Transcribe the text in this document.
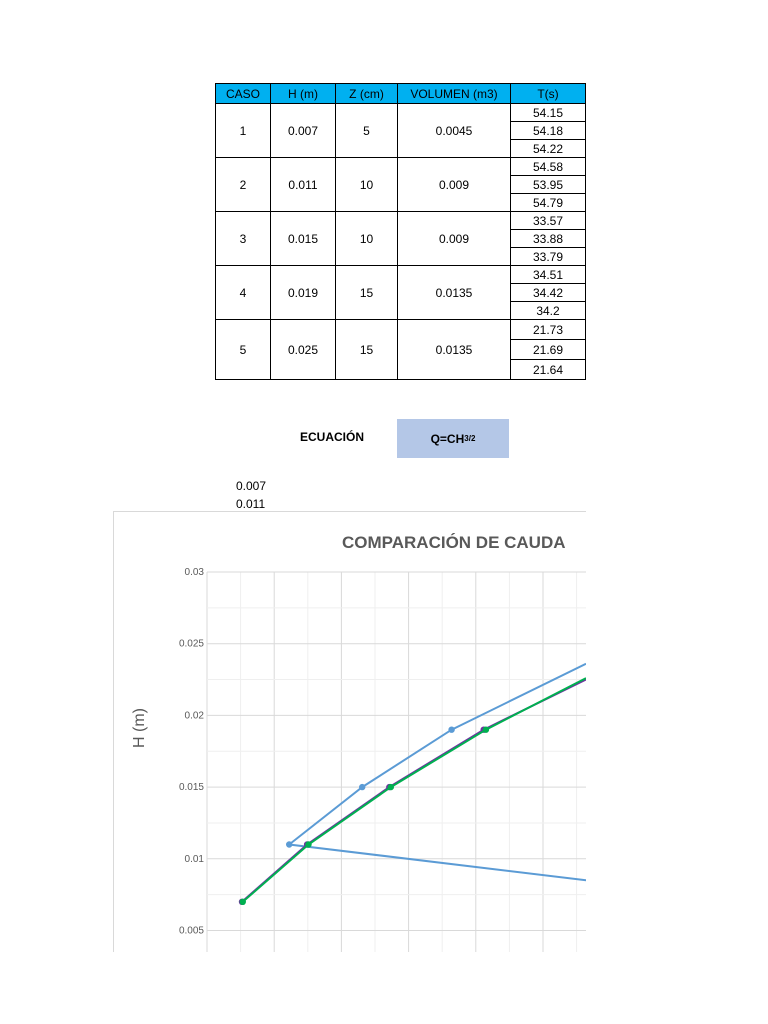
CASO	H (m)	Z (cm)	VOLUMEN (m3)	T(s)
1	0.007	5	0.0045	54.15
				54.18
				54.22
2	0.011	10	0.009	54.58
				53.95
				54.79
3	0.015	10	0.009	33.57
				33.88
				33.79
4	0.019	15	0.0135	34.51
				34.42
				34.2
5	0.025	15	0.0135	21.73
				21.69
				21.64
ECUACIÓN	Q=CH 3/2
0.007
0.011
COMPARACIÓN DE CAUDA
H (m)
0.03
0.025
0.02
0.015
0.01
0.005
